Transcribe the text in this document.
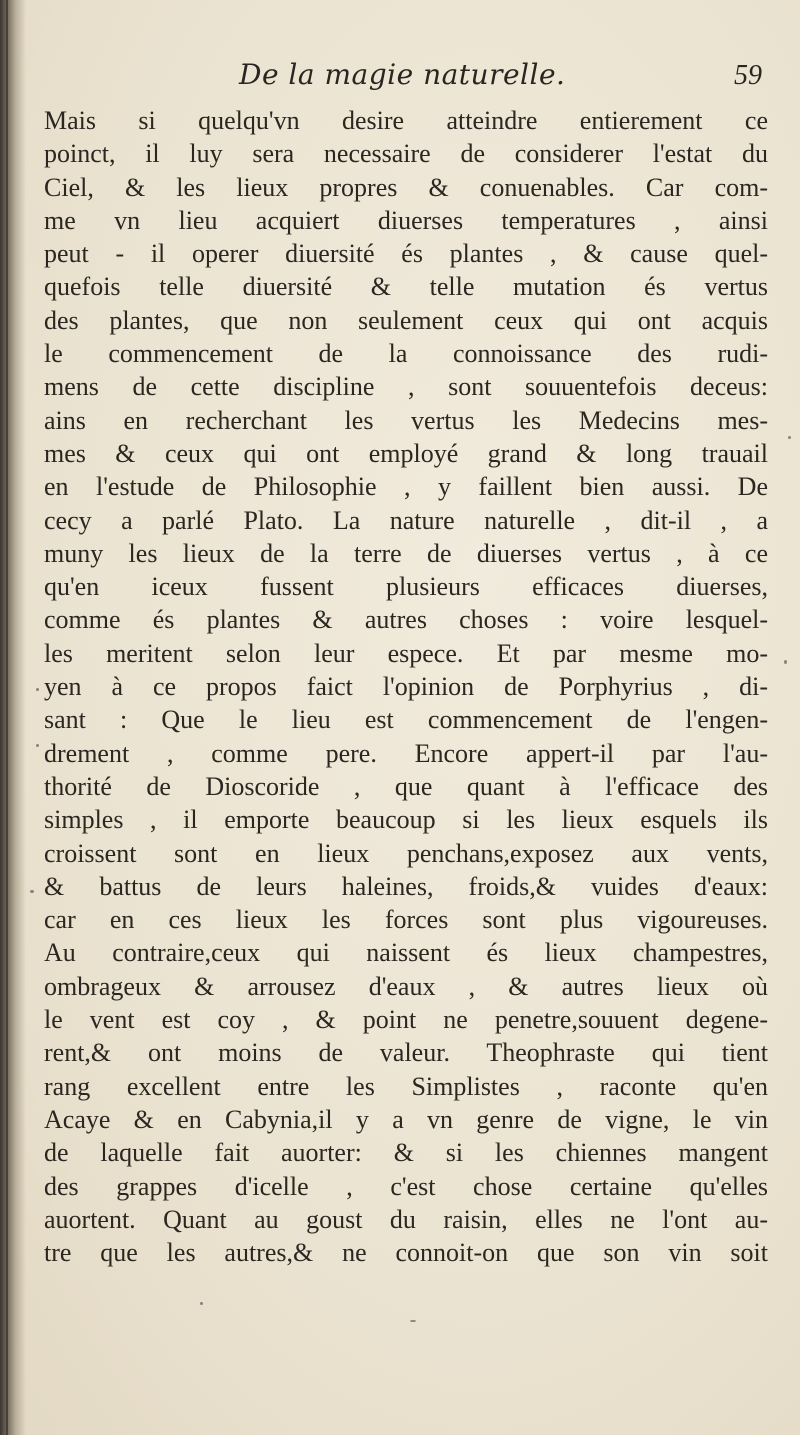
De la magie naturelle.	59
Mais si quelqu'vn desire atteindre entierement ce
poinct, il luy sera necessaire de considerer l'estat du
Ciel, & les lieux propres & conuenables. Car com-
me vn lieu acquiert diuerses temperatures , ainsi
peut - il operer diuersité és plantes , & cause quel-
quefois telle diuersité & telle mutation és vertus
des plantes, que non seulement ceux qui ont acquis
le commencement de la connoissance des rudi-
mens de cette discipline , sont souuentefois deceus:
ains en recherchant les vertus les Medecins mes-
mes & ceux qui ont employé grand & long trauail
en l'estude de Philosophie , y faillent bien aussi. De
cecy a parlé Plato. La nature naturelle , dit-il , a
muny les lieux de la terre de diuerses vertus , à ce
qu'en iceux fussent plusieurs efficaces diuerses,
comme és plantes & autres choses : voire lesquel-
les meritent selon leur espece. Et par mesme mo-
yen à ce propos faict l'opinion de Porphyrius , di-
sant : Que le lieu est commencement de l'engen-
drement , comme pere. Encore appert-il par l'au-
thorité de Dioscoride , que quant à l'efficace des
simples , il emporte beaucoup si les lieux esquels ils
croissent sont en lieux penchans,exposez aux vents,
& battus de leurs haleines, froids,& vuides d'eaux:
car en ces lieux les forces sont plus vigoureuses.
Au contraire,ceux qui naissent és lieux champestres,
ombrageux & arrousez d'eaux , & autres lieux où
le vent est coy , & point ne penetre,souuent degene-
rent,& ont moins de valeur. Theophraste qui tient
rang excellent entre les Simplistes , raconte qu'en
Acaye & en Cabynia,il y a vn genre de vigne, le vin
de laquelle fait auorter: & si les chiennes mangent
des grappes d'icelle , c'est chose certaine qu'elles
auortent. Quant au goust du raisin, elles ne l'ont au-
tre que les autres,& ne connoit-on que son vin soit
